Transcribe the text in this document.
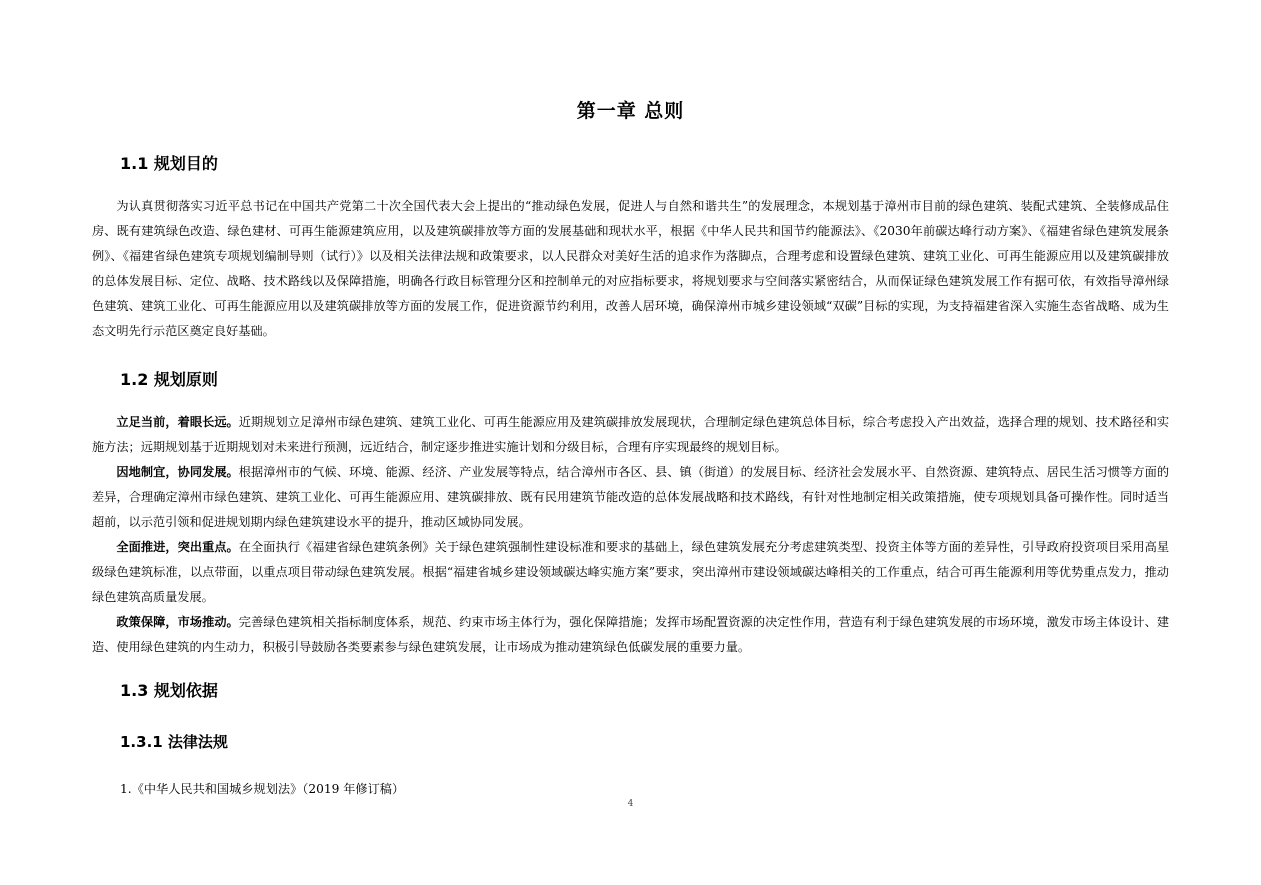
第一章 总则
1.1 规划目的

为认真贯彻落实习近平总书记在中国共产党第二十次全国代表大会上提出的“推动绿色发展，促进人与自然和谐共生”的发展理念，本规划基于漳州市目前的绿色建筑、装配式建筑、全装修成品住房、既有建筑绿色改造、绿色建材、可再生能源建筑应用，以及建筑碳排放等方面的发展基础和现状水平，根据《中华人民共和国节约能源法》、《2030年前碳达峰行动方案》、《福建省绿色建筑发展条例》、《福建省绿色建筑专项规划编制导则（试行）》以及相关法律法规和政策要求，以人民群众对美好生活的追求作为落脚点，合理考虑和设置绿色建筑、建筑工业化、可再生能源应用以及建筑碳排放的总体发展目标、定位、战略、技术路线以及保障措施，明确各行政目标管理分区和控制单元的对应指标要求，将规划要求与空间落实紧密结合，从而保证绿色建筑发展工作有据可依，有效指导漳州绿色建筑、建筑工业化、可再生能源应用以及建筑碳排放等方面的发展工作，促进资源节约利用，改善人居环境，确保漳州市城乡建设领域“双碳”目标的实现，为支持福建省深入实施生态省战略、成为生态文明先行示范区奠定良好基础。

1.2 规划原则

立足当前，着眼长远。近期规划立足漳州市绿色建筑、建筑工业化、可再生能源应用及建筑碳排放发展现状，合理制定绿色建筑总体目标，综合考虑投入产出效益，选择合理的规划、技术路径和实施方法；远期规划基于近期规划对未来进行预测，远近结合，制定逐步推进实施计划和分级目标，合理有序实现最终的规划目标。

因地制宜，协同发展。根据漳州市的气候、环境、能源、经济、产业发展等特点，结合漳州市各区、县、镇（街道）的发展目标、经济社会发展水平、自然资源、建筑特点、居民生活习惯等方面的差异，合理确定漳州市绿色建筑、建筑工业化、可再生能源应用、建筑碳排放、既有民用建筑节能改造的总体发展战略和技术路线，有针对性地制定相关政策措施，使专项规划具备可操作性。同时适当超前，以示范引领和促进规划期内绿色建筑建设水平的提升，推动区域协同发展。

全面推进，突出重点。在全面执行《福建省绿色建筑条例》关于绿色建筑强制性建设标准和要求的基础上，绿色建筑发展充分考虑建筑类型、投资主体等方面的差异性，引导政府投资项目采用高星级绿色建筑标准，以点带面，以重点项目带动绿色建筑发展。根据“福建省城乡建设领域碳达峰实施方案”要求，突出漳州市建设领域碳达峰相关的工作重点，结合可再生能源利用等优势重点发力，推动绿色建筑高质量发展。

政策保障，市场推动。完善绿色建筑相关指标制度体系，规范、约束市场主体行为，强化保障措施；发挥市场配置资源的决定性作用，营造有利于绿色建筑发展的市场环境，激发市场主体设计、建造、使用绿色建筑的内生动力，积极引导鼓励各类要素参与绿色建筑发展，让市场成为推动建筑绿色低碳发展的重要力量。

1.3 规划依据
1.3.1 法律法规
1.《中华人民共和国城乡规划法》（2019 年修订稿）
4
